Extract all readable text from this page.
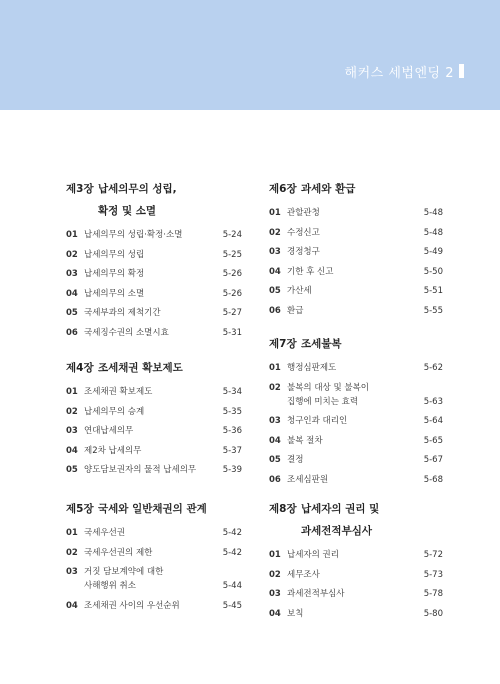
해커스 세법엔딩 2
제3장 납세의무의 성립,
확정 및 소멸
01 납세의무의 성립·확정·소멸	5-24
02 납세의무의 성립	5-25
03 납세의무의 확정	5-26
04 납세의무의 소멸	5-26
05 국세부과의 제척기간	5-27
06 국세징수권의 소멸시효	5-31
제4장 조세채권 확보제도
01 조세채권 확보제도	5-34
02 납세의무의 승계	5-35
03 연대납세의무	5-36
04 제2차 납세의무	5-37
05 양도담보권자의 물적 납세의무	5-39
제5장 국세와 일반채권의 관계
01 국세우선권	5-42
02 국세우선권의 제한	5-42
03 거짓 담보계약에 대한
사해행위 취소	5-44
04 조세채권 사이의 우선순위	5-45
제6장 과세와 환급
01 관할관청	5-48
02 수정신고	5-48
03 경정청구	5-49
04 기한 후 신고	5-50
05 가산세	5-51
06 환급	5-55
제7장 조세불복
01 행정심판제도	5-62
02 불복의 대상 및 불복이
집행에 미치는 효력	5-63
03 청구인과 대리인	5-64
04 불복 절차	5-65
05 결정	5-67
06 조세심판원	5-68
제8장 납세자의 권리 및
과세전적부심사
01 납세자의 권리	5-72
02 세무조사	5-73
03 과세전적부심사	5-78
04 보칙	5-80
